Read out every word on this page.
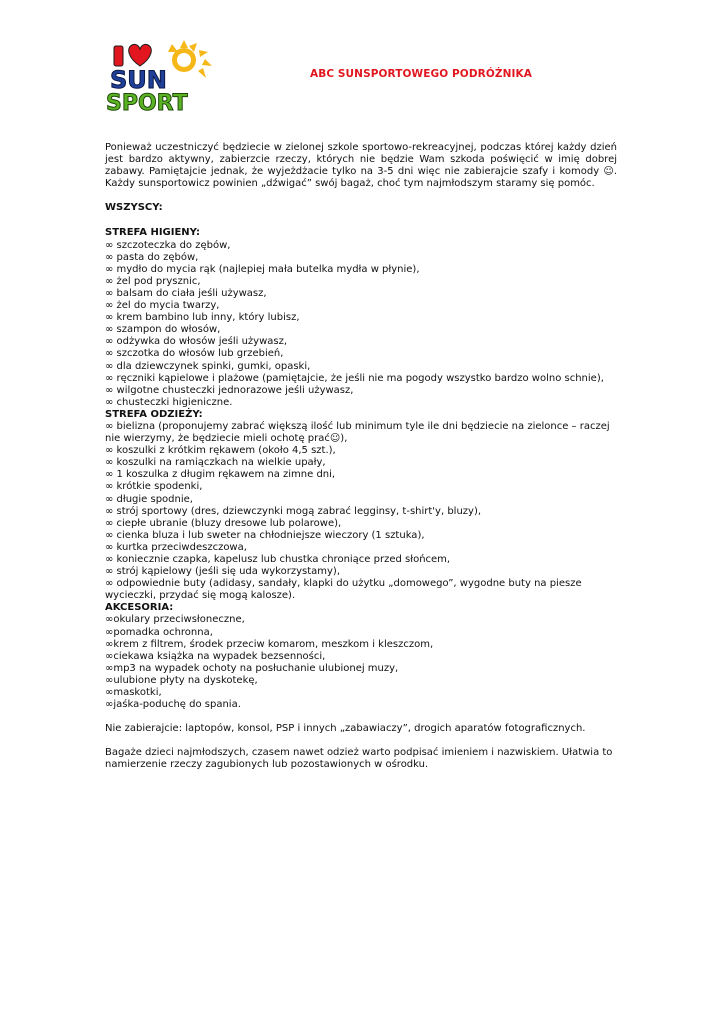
SUN
SPORT
ABC SUNSPORTOWEGO PODRÓŻNIKA

Ponieważ uczestniczyć będziecie w zielonej szkole sportowo-rekreacyjnej, podczas której każdy dzień jest bardzo aktywny, zabierzcie rzeczy, których nie będzie Wam szkoda poświęcić w imię dobrej zabawy. Pamiętajcie jednak, że wyjeżdżacie tylko na 3-5 dni więc nie zabierajcie szafy i komody ☺. Każdy sunsportowicz powinien „dźwigać” swój bagaż, choć tym najmłodszym staramy się pomóc.

WSZYSCY:

STREFA HIGIENY:

∞ szczoteczka do zębów,
∞ pasta do zębów,
∞ mydło do mycia rąk (najlepiej mała butelka mydła w płynie),
∞ żel pod prysznic,
∞ balsam do ciała jeśli używasz,
∞ żel do mycia twarzy,
∞ krem bambino lub inny, który lubisz,
∞ szampon do włosów,
∞ odżywka do włosów jeśli używasz,
∞ szczotka do włosów lub grzebień,
∞ dla dziewczynek spinki, gumki, opaski,
∞ ręczniki kąpielowe i plażowe (pamiętajcie, że jeśli nie ma pogody wszystko bardzo wolno schnie),
∞ wilgotne chusteczki jednorazowe jeśli używasz,
∞ chusteczki higieniczne.

STREFA ODZIEŻY:

∞ bielizna (proponujemy zabrać większą ilość lub minimum tyle ile dni będziecie na zielonce – raczej nie wierzymy, że będziecie mieli ochotę prać☺),
∞ koszulki z krótkim rękawem (około 4,5 szt.),
∞ koszulki na ramiączkach na wielkie upały,
∞ 1 koszulka z długim rękawem na zimne dni,
∞ krótkie spodenki,
∞ długie spodnie,
∞ strój sportowy (dres, dziewczynki mogą zabrać legginsy, t-shirt'y, bluzy),
∞ ciepłe ubranie (bluzy dresowe lub polarowe),
∞ cienka bluza i lub sweter na chłodniejsze wieczory (1 sztuka),
∞ kurtka przeciwdeszczowa,
∞ koniecznie czapka, kapelusz lub chustka chroniące przed słońcem,
∞ strój kąpielowy (jeśli się uda wykorzystamy),
∞ odpowiednie buty (adidasy, sandały, klapki do użytku „domowego”, wygodne buty na piesze wycieczki, przydać się mogą kalosze).

AKCESORIA:

∞ okulary przeciwsłoneczne,
∞ pomadka ochronna,
∞ krem z filtrem, środek przeciw komarom, meszkom i kleszczom,
∞ ciekawa książka na wypadek bezsenności,
∞ mp3 na wypadek ochoty na posłuchanie ulubionej muzy,
∞ ulubione płyty na dyskotekę,
∞ maskotki,
∞ jaśka-poduchę do spania.

Nie zabierajcie: laptopów, konsol, PSP i innych „zabawiaczy”, drogich aparatów fotograficznych.

Bagaże dzieci najmłodszych, czasem nawet odzież warto podpisać imieniem i nazwiskiem. Ułatwia to namierzenie rzeczy zagubionych lub pozostawionych w ośrodku.
